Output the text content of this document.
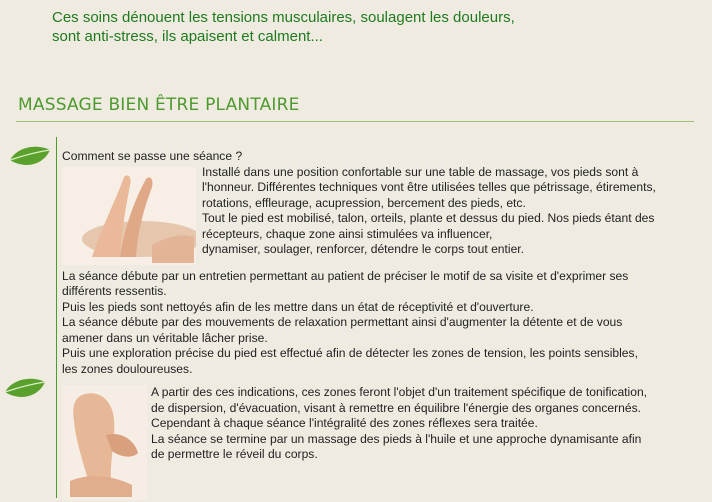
Ces soins dénouent les tensions musculaires, soulagent les douleurs,
sont anti-stress, ils apaisent et calment...
MASSAGE BIEN ÊTRE PLANTAIRE

Comment se passe une séance ?

Installé dans une position confortable sur une table de massage, vos pieds sont à

l'honneur. Différentes techniques vont être utilisées telles que pétrissage, étirements,

rotations, effleurage, acupression, bercement des pieds, etc.

Tout le pied est mobilisé, talon, orteils, plante et dessus du pied. Nos pieds étant des

récepteurs, chaque zone ainsi stimulées va influencer,

dynamiser, soulager, renforcer, détendre le corps tout entier.

La séance débute par un entretien permettant au patient de préciser le motif de sa visite et d'exprimer ses

différents ressentis.

Puis les pieds sont nettoyés afin de les mettre dans un état de réceptivité et d'ouverture.

La séance débute par des mouvements de relaxation permettant ainsi d'augmenter la détente et de vous

amener dans un véritable lâcher prise.

Puis une exploration précise du pied est effectué afin de détecter les zones de tension, les points sensibles,

les zones douloureuses.

A partir des ces indications, ces zones feront l'objet d'un traitement spécifique de tonification,

de dispersion, d'évacuation, visant à remettre en équilibre l'énergie des organes concernés.

Cependant à chaque séance l'intégralité des zones réflexes sera traitée.

La séance se termine par un massage des pieds à l'huile et une approche dynamisante afin

de permettre le réveil du corps.
